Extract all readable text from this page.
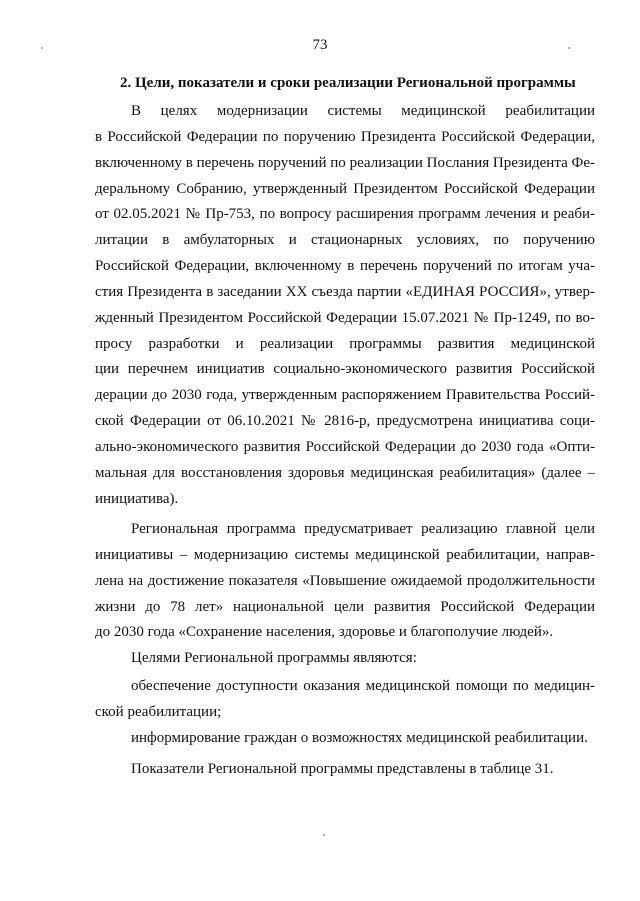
73
2. Цели, показатели и сроки реализации Региональной программы
В целях модернизации системы медицинской реабилитации
в Российской Федерации по поручению Президента Российской Федерации,
включенному в перечень поручений по реализации Послания Президента Фе-
деральному Собранию, утвержденный Президентом Российской Федерации
от 02.05.2021 № Пр-753, по вопросу расширения программ лечения и реаби-
литации в амбулаторных и стационарных условиях, по поручению
Российской Федерации, включенному в перечень поручений по итогам уча-
стия Президента в заседании XX съезда партии «ЕДИНАЯ РОССИЯ», утвер-
жденный Президентом Российской Федерации 15.07.2021 № Пр-1249, по во-
просу разработки и реализации программы развития медицинской
ции перечнем инициатив социально-экономического развития Российской
дерации до 2030 года, утвержденным распоряжением Правительства Россий-
ской Федерации от 06.10.2021 № 2816-р, предусмотрена инициатива соци-
ально-экономического развития Российской Федерации до 2030 года «Опти-
мальная для восстановления здоровья медицинская реабилитация» (далее –
инициатива).
Региональная программа предусматривает реализацию главной цели
инициативы – модернизацию системы медицинской реабилитации, направ-
лена на достижение показателя «Повышение ожидаемой продолжительности
жизни до 78 лет» национальной цели развития Российской Федерации
до 2030 года «Сохранение населения, здоровье и благополучие людей».
Целями Региональной программы являются:
обеспечение доступности оказания медицинской помощи по медицин-
ской реабилитации;
информирование граждан о возможностях медицинской реабилитации.
Показатели Региональной программы представлены в таблице 31.
